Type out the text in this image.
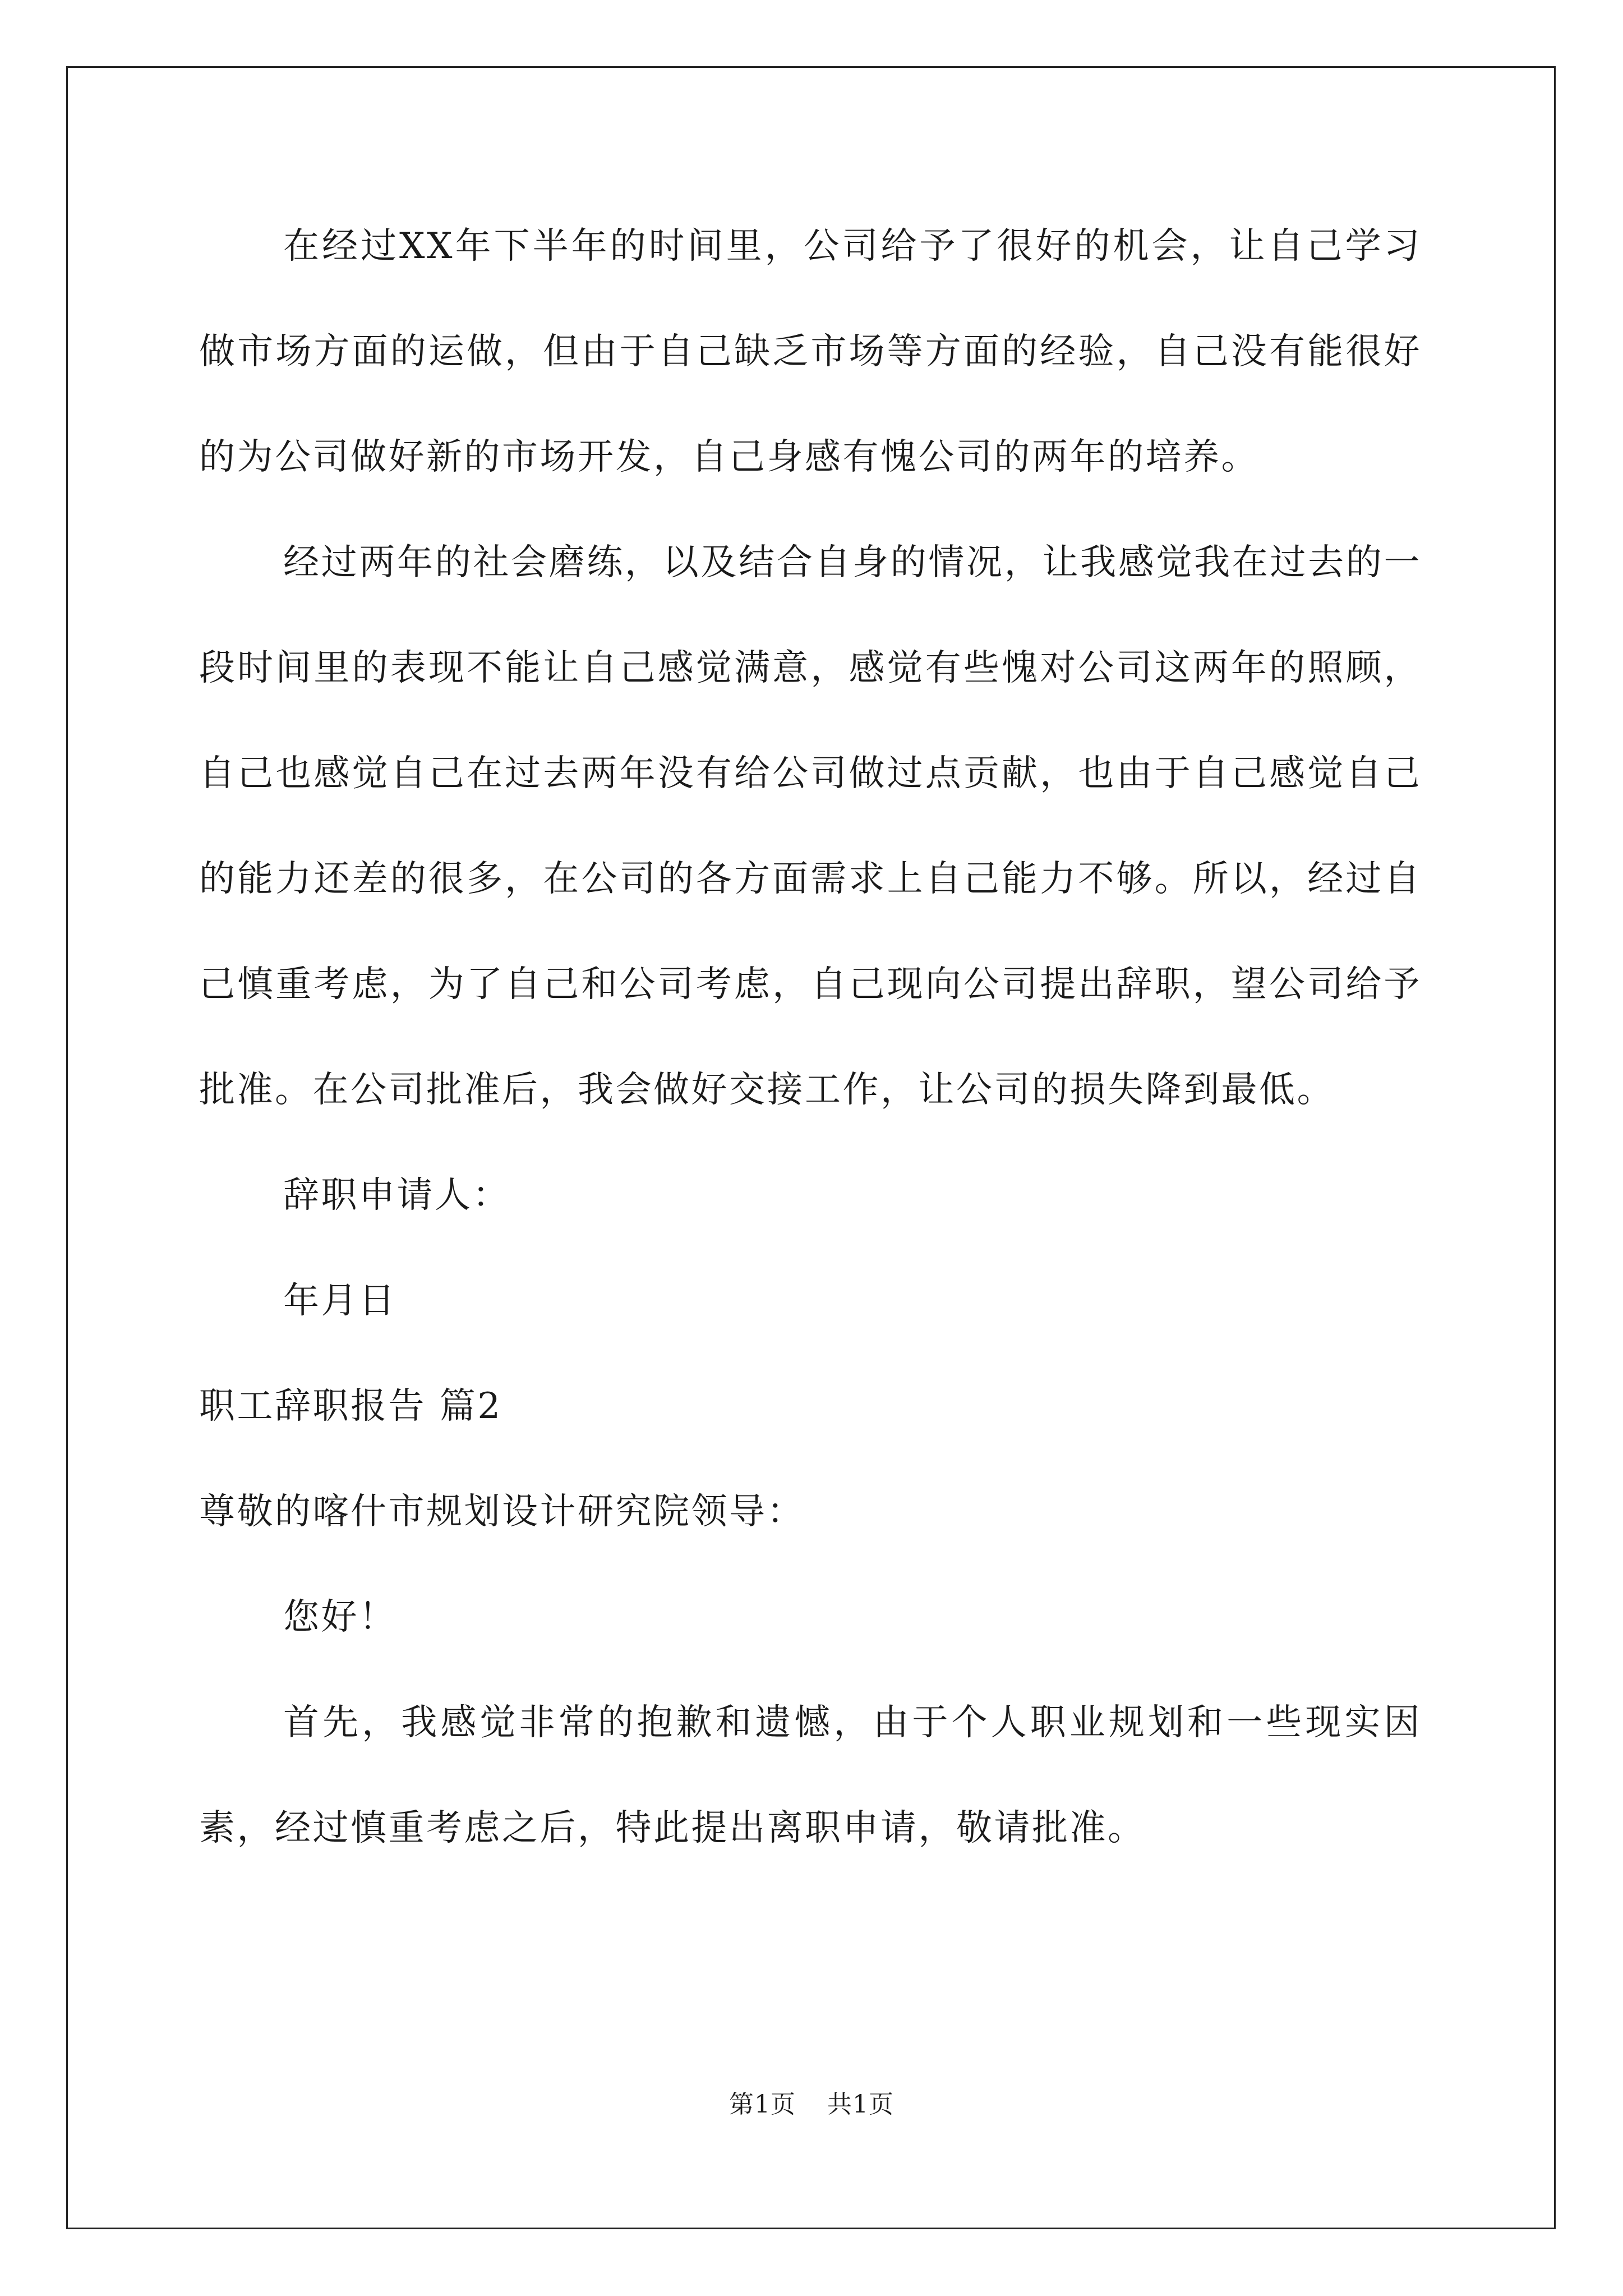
在经过XX年下半年的时间里，公司给予了很好的机会，让自己学习做市场方面的运做，但由于自己缺乏市场等方面的经验，自己没有能很好的为公司做好新的市场开发，自己身感有愧公司的两年的培养。

经过两年的社会磨练，以及结合自身的情况，让我感觉我在过去的一段时间里的表现不能让自己感觉满意，感觉有些愧对公司这两年的照顾，自己也感觉自己在过去两年没有给公司做过点贡献，也由于自己感觉自己的能力还差的很多，在公司的各方面需求上自己能力不够。所以，经过自己慎重考虑，为了自己和公司考虑，自己现向公司提出辞职，望公司给予批准。在公司批准后，我会做好交接工作，让公司的损失降到最低。

辞职申请人：

年月日

职工辞职报告 篇2

尊敬的喀什市规划设计研究院领导：

您好！

首先，我感觉非常的抱歉和遗憾，由于个人职业规划和一些现实因素，经过慎重考虑之后，特此提出离职申请，敬请批准。

第1页 共1页
